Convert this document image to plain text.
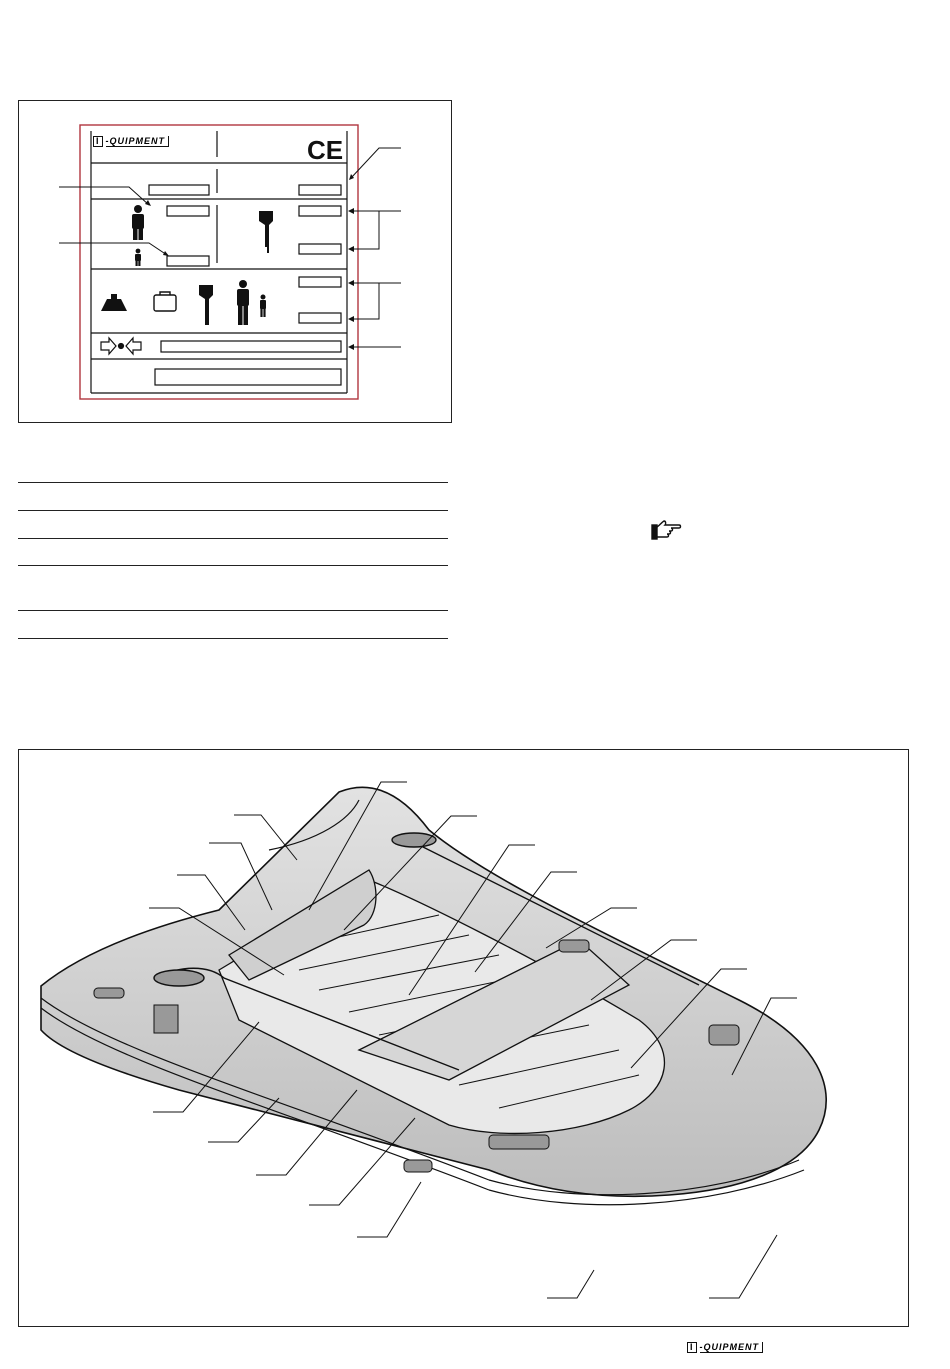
CE
I -QUIPMENT
I -QUIPMENT
